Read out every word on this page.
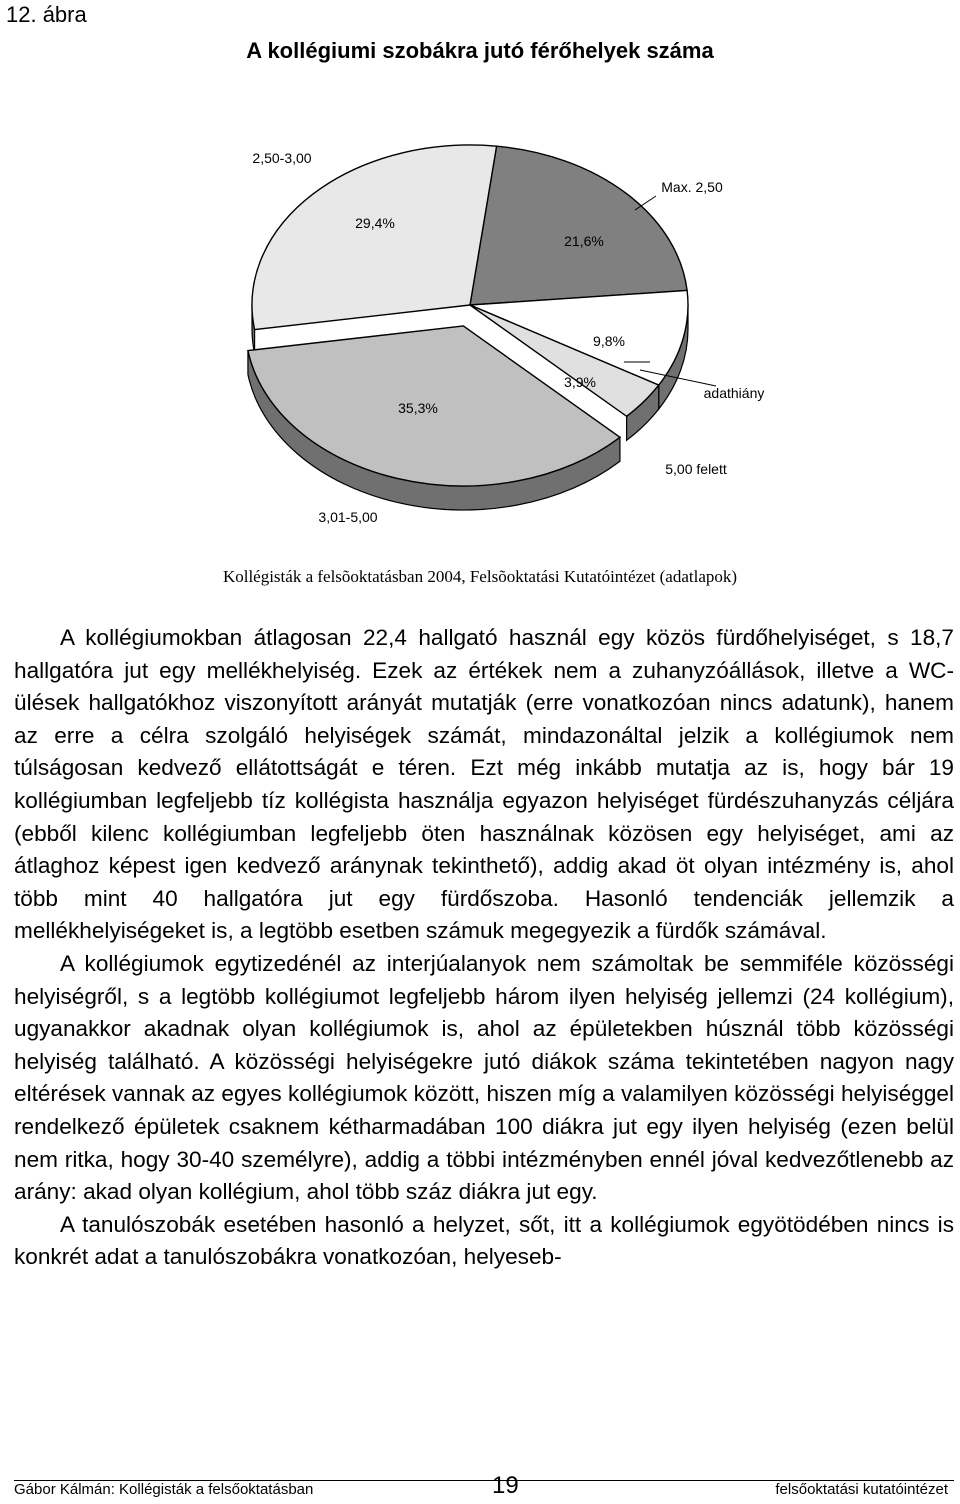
12. ábra
A kollégiumi szobákra jutó férőhelyek száma
21,6%
Max. 2,50
9,8%
adathiány
3,9%
5,00 felett
35,3%
3,01-5,00
29,4%
2,50-3,00
Kollégisták a felsõoktatásban 2004, Felsõoktatási Kutatóintézet (adatlapok)

A kollégiumokban átlagosan 22,4 hallgató használ egy közös fürdőhelyiséget, s 18,7 hallgatóra jut egy mellékhelyiség. Ezek az értékek nem a zuhanyzóállások, illetve a WC-ülések hallgatókhoz viszonyított arányát mutatják (erre vonatkozóan nincs adatunk), hanem az erre a célra szolgáló helyiségek számát, mindazonáltal jelzik a kollégiumok nem túlságosan kedvező ellátottságát e téren. Ezt még inkább mutatja az is, hogy bár 19 kollégiumban legfeljebb tíz kollégista használja egyazon helyiséget fürdészuhanyzás céljára (ebből kilenc kollégiumban legfeljebb öten használnak közösen egy helyiséget, ami az átlaghoz képest igen kedvező aránynak tekinthető), addig akad öt olyan intézmény is, ahol több mint 40 hallgatóra jut egy fürdőszoba. Hasonló tendenciák jellemzik a mellékhelyiségeket is, a legtöbb esetben számuk megegyezik a fürdők számával.

A kollégiumok egytizedénél az interjúalanyok nem számoltak be semmiféle közösségi helyiségről, s a legtöbb kollégiumot legfeljebb három ilyen helyiség jellemzi (24 kollégium), ugyanakkor akadnak olyan kollégiumok is, ahol az épületekben húsznál több közösségi helyiség található. A közösségi helyiségekre jutó diákok száma tekintetében nagyon nagy eltérések vannak az egyes kollégiumok között, hiszen míg a valamilyen közösségi helyiséggel rendelkező épületek csaknem kétharmadában 100 diákra jut egy ilyen helyiség (ezen belül nem ritka, hogy 30-40 személyre), addig a többi intézményben ennél jóval kedvezőtlenebb az arány: akad olyan kollégium, ahol több száz diákra jut egy.

A tanulószobák esetében hasonló a helyzet, sőt, itt a kollégiumok egyötödében nincs is konkrét adat a tanulószobákra vonatkozóan, helyeseb-

Gábor Kálmán: Kollégisták a felsőoktatásban	19	felsőoktatási kutatóintézet
